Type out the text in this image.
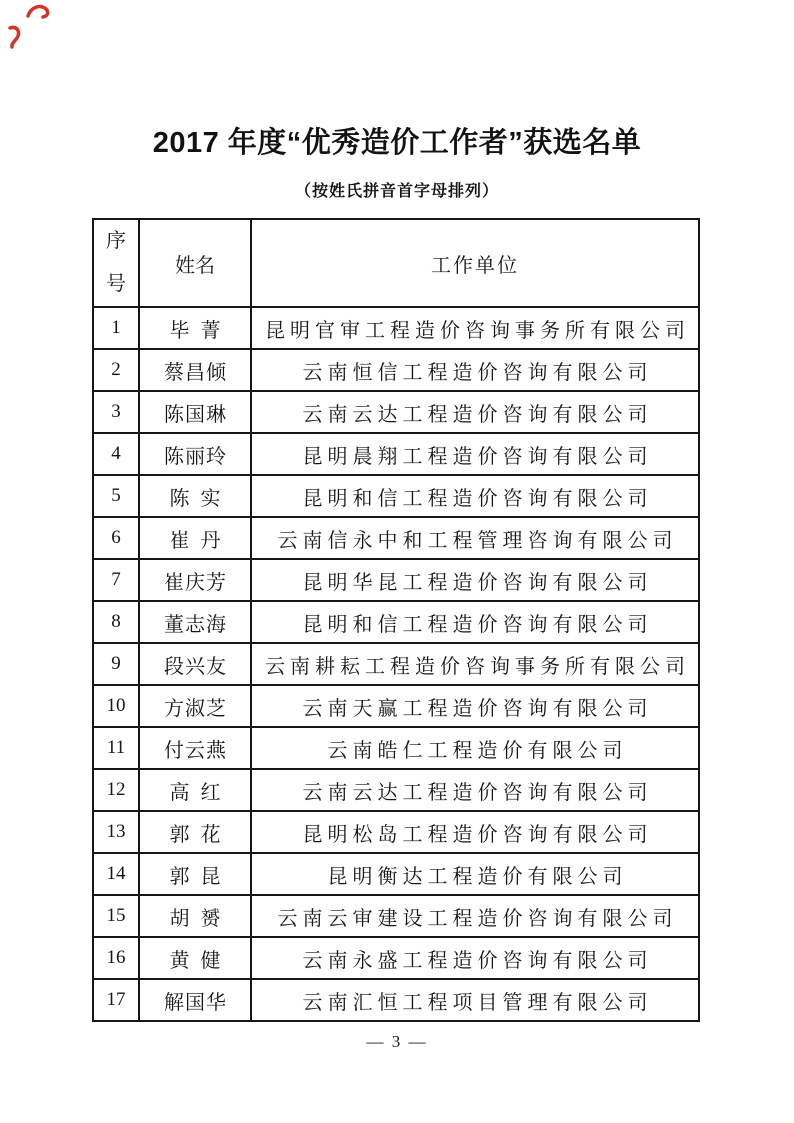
2017 年度“优秀造价工作者”获选名单
（按姓氏拼音首字母排列）
序号	姓名	工作单位
1	毕菁	昆明官审工程造价咨询事务所有限公司
2	蔡昌倾	云南恒信工程造价咨询有限公司
3	陈国琳	云南云达工程造价咨询有限公司
4	陈丽玲	昆明晨翔工程造价咨询有限公司
5	陈实	昆明和信工程造价咨询有限公司
6	崔丹	云南信永中和工程管理咨询有限公司
7	崔庆芳	昆明华昆工程造价咨询有限公司
8	董志海	昆明和信工程造价咨询有限公司
9	段兴友	云南耕耘工程造价咨询事务所有限公司
10	方淑芝	云南天赢工程造价咨询有限公司
11	付云燕	云南皓仁工程造价有限公司
12	高红	云南云达工程造价咨询有限公司
13	郭花	昆明松岛工程造价咨询有限公司
14	郭昆	昆明衡达工程造价有限公司
15	胡赟	云南云审建设工程造价咨询有限公司
16	黄健	云南永盛工程造价咨询有限公司
17	解国华	云南汇恒工程项目管理有限公司
— 3 —
